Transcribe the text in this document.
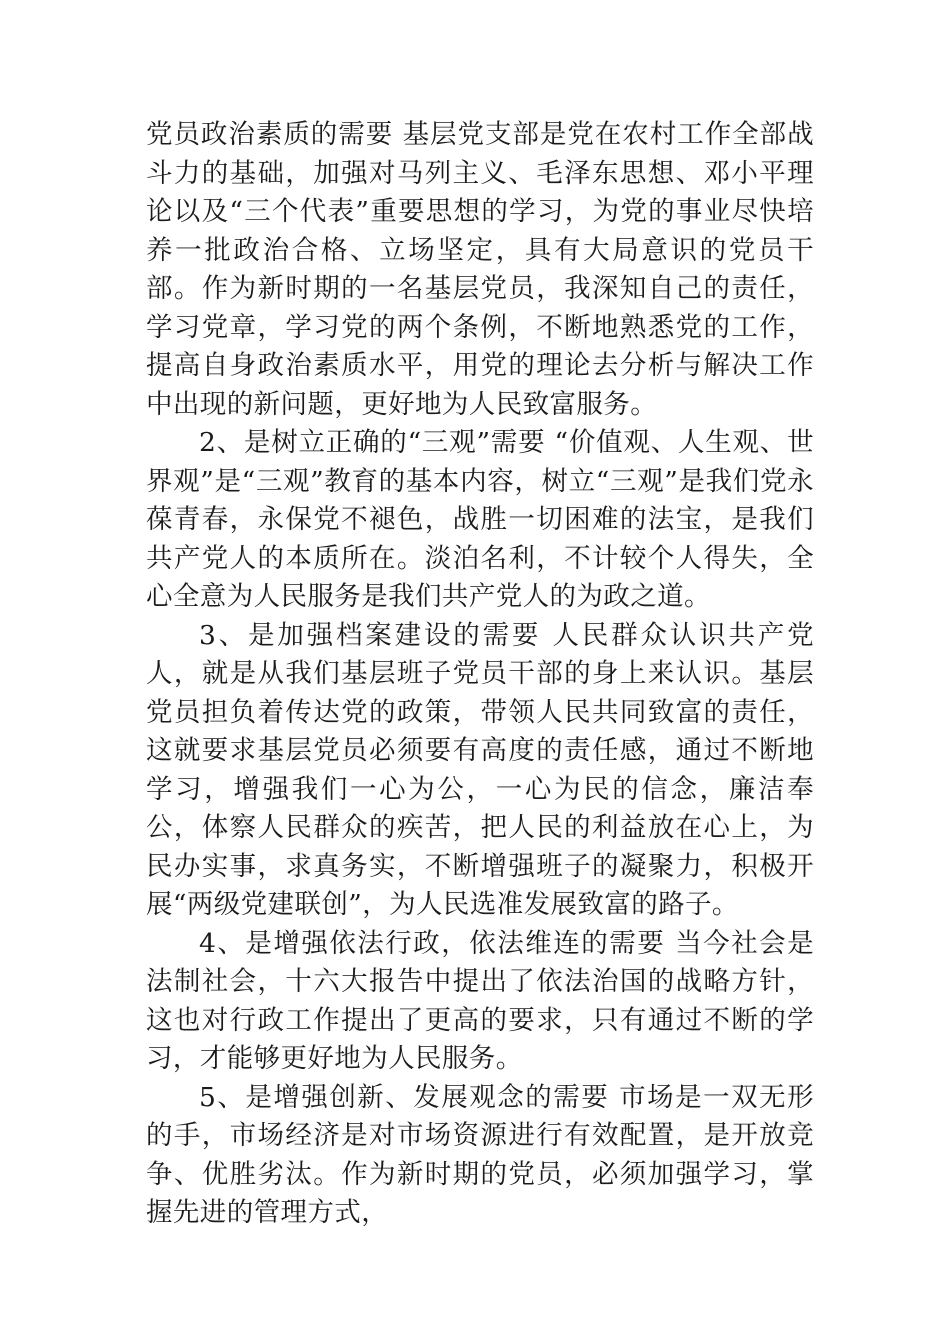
党员政治素质的需要 基层党支部是党在农村工作全部战斗力的基础，加强对马列主义、毛泽东思想、邓小平理论以及“三个代表”重要思想的学习，为党的事业尽快培养一批政治合格、立场坚定，具有大局意识的党员干部。作为新时期的一名基层党员，我深知自己的责任，学习党章，学习党的两个条例，不断地熟悉党的工作，提高自身政治素质水平，用党的理论去分析与解决工作中出现的新问题，更好地为人民致富服务。

2、是树立正确的“三观”需要 “价值观、人生观、世界观”是“三观”教育的基本内容，树立“三观”是我们党永葆青春，永保党不褪色，战胜一切困难的法宝，是我们共产党人的本质所在。淡泊名利，不计较个人得失，全心全意为人民服务是我们共产党人的为政之道。

3、是加强档案建设的需要 人民群众认识共产党人，就是从我们基层班子党员干部的身上来认识。基层党员担负着传达党的政策，带领人民共同致富的责任，这就要求基层党员必须要有高度的责任感，通过不断地学习，增强我们一心为公，一心为民的信念，廉洁奉公，体察人民群众的疾苦，把人民的利益放在心上，为民办实事，求真务实，不断增强班子的凝聚力，积极开展“两级党建联创”，为人民选准发展致富的路子。

4、是增强依法行政，依法维连的需要 当今社会是法制社会，十六大报告中提出了依法治国的战略方针，这也对行政工作提出了更高的要求，只有通过不断的学习，才能够更好地为人民服务。

5、是增强创新、发展观念的需要 市场是一双无形的手，市场经济是对市场资源进行有效配置，是开放竞争、优胜劣汰。作为新时期的党员，必须加强学习，掌握先进的管理方式，
